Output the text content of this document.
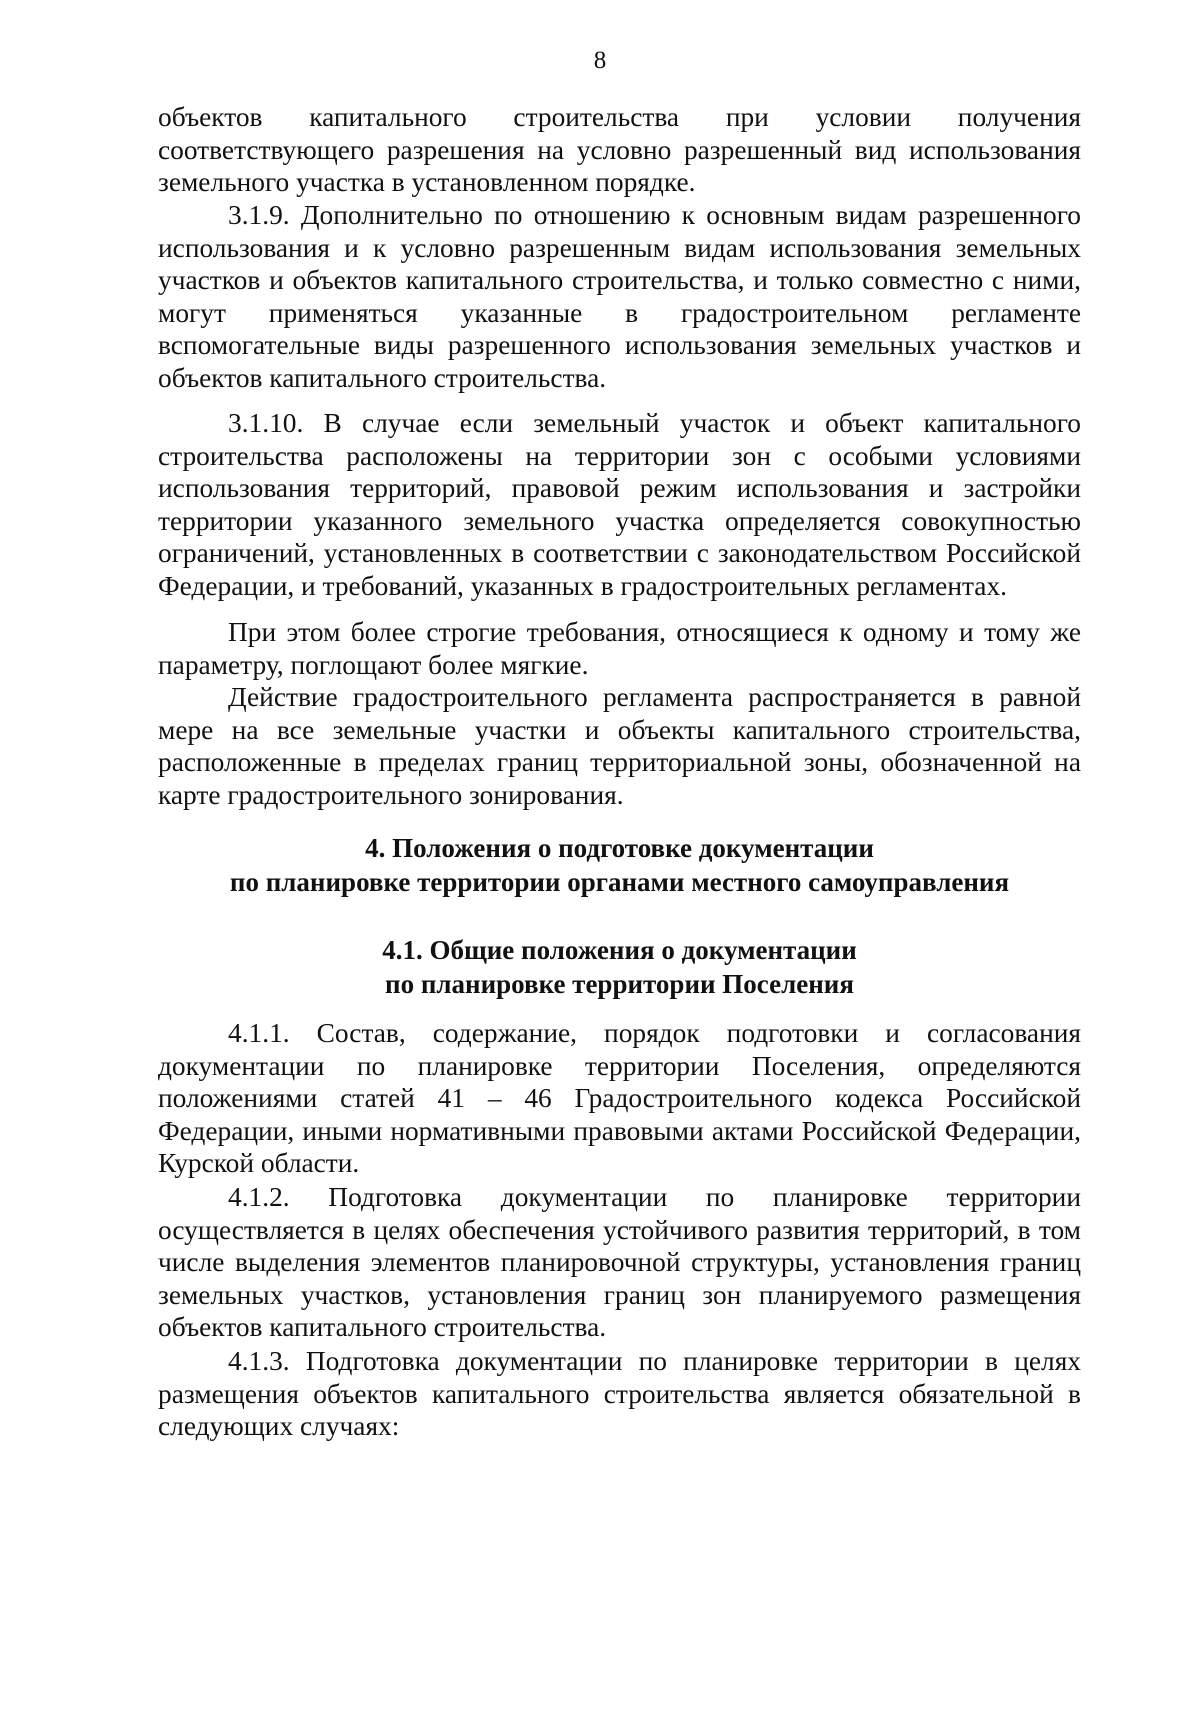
8

объектов капитального строительства при условии получения соответствующего разрешения на условно разрешенный вид использования земельного участка в установленном порядке.

3.1.9. Дополнительно по отношению к основным видам разрешенного использования и к условно разрешенным видам использования земельных участков и объектов капитального строительства, и только совместно с ними, могут применяться указанные в градостроительном регламенте вспомогательные виды разрешенного использования земельных участков и объектов капитального строительства.

3.1.10. В случае если земельный участок и объект капитального строительства расположены на территории зон с особыми условиями использования территорий, правовой режим использования и застройки территории указанного земельного участка определяется совокупностью ограничений, установленных в соответствии с законодательством Российской Федерации, и требований, указанных в градостроительных регламентах.

При этом более строгие требования, относящиеся к одному и тому же параметру, поглощают более мягкие.

Действие градостроительного регламента распространяется в равной мере на все земельные участки и объекты капитального строительства, расположенные в пределах границ территориальной зоны, обозначенной на карте градостроительного зонирования.

4. Положения о подготовке документации
по планировке территории органами местного самоуправления
4.1. Общие положения о документации
по планировке территории Поселения

4.1.1. Состав, содержание, порядок подготовки и согласования документации по планировке территории Поселения, определяются положениями статей 41 – 46 Градостроительного кодекса Российской Федерации, иными нормативными правовыми актами Российской Федерации, Курской области.

4.1.2. Подготовка документации по планировке территории осуществляется в целях обеспечения устойчивого развития территорий, в том числе выделения элементов планировочной структуры, установления границ земельных участков, установления границ зон планируемого размещения объектов капитального строительства.

4.1.3. Подготовка документации по планировке территории в целях размещения объектов капитального строительства является обязательной в следующих случаях:
